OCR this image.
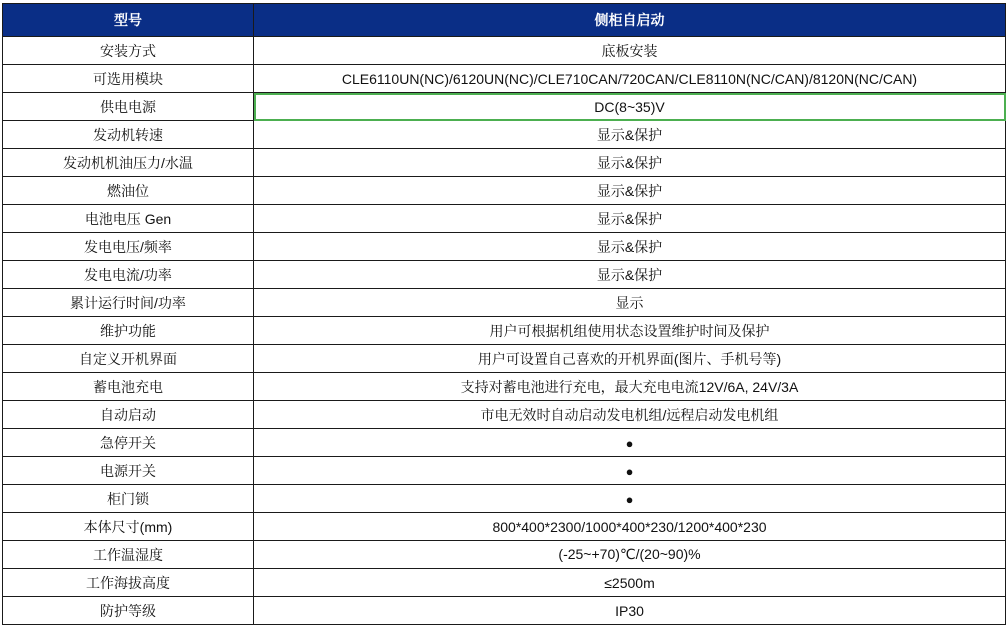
型号	侧柜自启动
安装方式	底板安装
可选用模块	CLE6110UN(NC)/6120UN(NC)/CLE710CAN/720CAN/CLE8110N(NC/CAN)/8120N(NC/CAN)
供电电源	DC(8~35)V
发动机转速	显示&保护
发动机机油压力/水温	显示&保护
燃油位	显示&保护
电池电压 Gen	显示&保护
发电电压/频率	显示&保护
发电电流/功率	显示&保护
累计运行时间/功率	显示
维护功能	用户可根据机组使用状态设置维护时间及保护
自定义开机界面	用户可设置自己喜欢的开机界面(图片、手机号等)
蓄电池充电	支持对蓄电池进行充电，最大充电电流12V/6A, 24V/3A
自动启动	市电无效时自动启动发电机组/远程启动发电机组
急停开关	●
电源开关	●
柜门锁	●
本体尺寸(mm)	800*400*2300/1000*400*230/1200*400*230
工作温湿度	(-25~+70)℃/(20~90)%
工作海拔高度	≤2500m
防护等级	IP30
